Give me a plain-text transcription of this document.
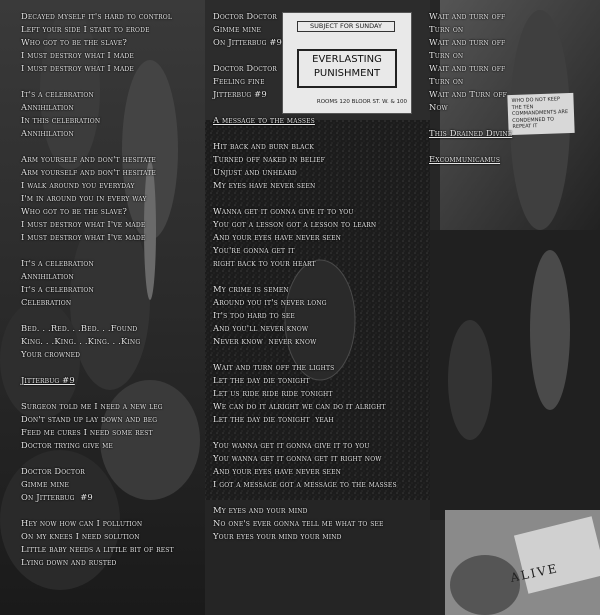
SUBJECT FOR SUNDAY
EVERLASTING
PUNISHMENT
ROOMS 120 BLOOR ST. W. & 100	WHO DO NOT KEEP THE TEN COMMANDMENTS ARE CONDEMNED TO REPEAT IT
ALIVE
Decayed myself it's hard to control
Left your side I start to erode
Who got to be the slave?
I must destroy what I made
I must destroy what I made
It's a celebration
Annihilation
In this celebration
Annihilation
Arm yourself and don't hesitate
Arm yourself and don't hesitate
I walk around you everyday
I'm in around you in every way
Who got to be the slave?
I must destroy what I've made
I must destroy what I've made
It's a celebration
Annihilation
It's a celebration
Celebration
Bed. . .Red. . .Bed. . .Found
King. . .King. . .King. . .King
Your crowned
Jitterbug #9
Surgeon told me I need a new leg
Don't stand up lay down and beg
Feed me cures I need some rest
Doctor trying give me
Doctor Doctor
Gimme mine
On Jitterbug  #9
Hey now how can I pollution
On my knees I need solution
Little baby needs a little bit of rest
Lying down and rusted
Doctor Doctor
Gimme mine
On Jitterbug #9
Doctor Doctor
Feeling fine
Jitterbug #9
A message to the masses
Hit back and burn black
Turned off naked in belief
Unjust and unheard
My eyes have never seen
Wanna get it gonna give it to you
You got a lesson got a lesson to learn
And your eyes have never seen
You're gonna get it
right back to your heart
My crime is semen
Around you it's never long
It's too hard to see
And you'll never know
Never know  never know
Wait and turn off the lights
Let the day die tonight
Let us ride ride ride tonight
We can do it alright we can do it alright
Let the day die tonight  yeah
You wanna get it gonna give it to you
You wanna get it gonna get it right now
And your eyes have never seen
I got a message got a message to the masses
My eyes and your mind
No one's ever gonna tell me what to see
Your eyes your mind your mind
Wait and turn off
Turn on
Wait and turn off
Turn on
Wait and turn off
Turn on
Wait and Turn off
Now
This Drained Divine
Excommunicamus
